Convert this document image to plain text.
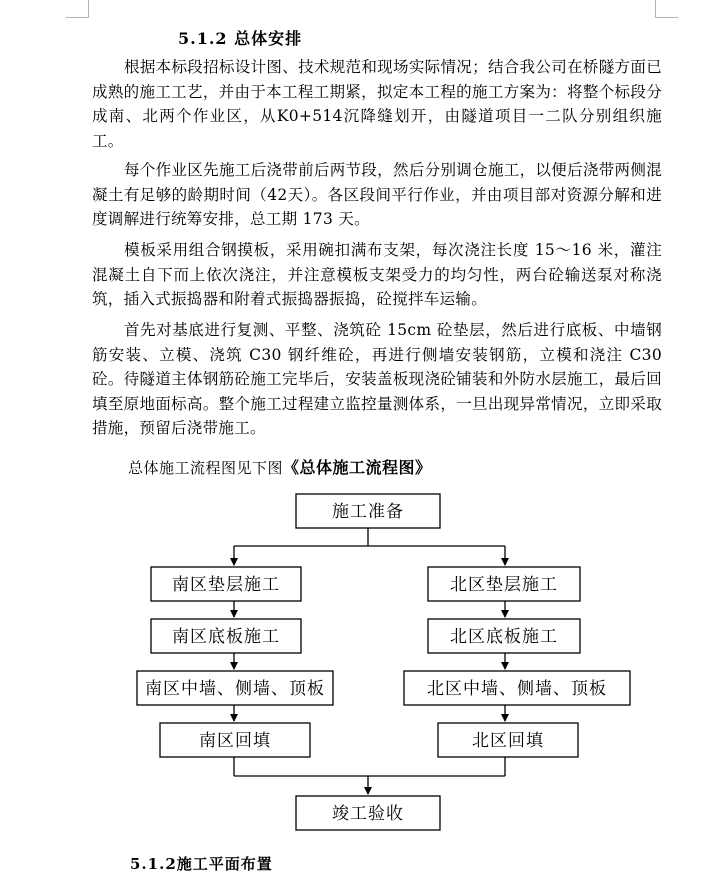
5.1.2 总体安排
根据本标段招标设计图、技术规范和现场实际情况；结合我公司在桥隧方面已成熟的施工工艺，并由于本工程工期紧，拟定本工程的施工方案为：将整个标段分成南、北两个作业区，从K0+514沉降缝划开，由隧道项目一二队分别组织施工。
每个作业区先施工后浇带前后两节段，然后分别调仓施工，以便后浇带两侧混凝土有足够的龄期时间（42天）。各区段间平行作业，并由项目部对资源分解和进度调解进行统筹安排，总工期 173 天。
模板采用组合钢摸板，采用碗扣满布支架，每次浇注长度 15～16 米，灌注混凝土自下而上依次浇注，并注意模板支架受力的均匀性，两台砼输送泵对称浇筑，插入式振捣器和附着式振捣器振捣，砼搅拌车运输。
首先对基底进行复测、平整、浇筑砼 15cm 砼垫层，然后进行底板、中墙钢筋安装、立模、浇筑 C30 钢纤维砼，再进行侧墙安装钢筋，立模和浇注 C30 砼。待隧道主体钢筋砼施工完毕后，安装盖板现浇砼铺装和外防水层施工，最后回填至原地面标高。整个施工过程建立监控量测体系，一旦出现异常情况，立即采取措施，预留后浇带施工。
总体施工流程图见下图《总体施工流程图》
施工准备
南区垫层施工
南区底板施工
南区中墙、侧墙、顶板
南区回填
北区垫层施工
北区底板施工
北区中墙、侧墙、顶板
北区回填
竣工验收
5.1.2施工平面布置
